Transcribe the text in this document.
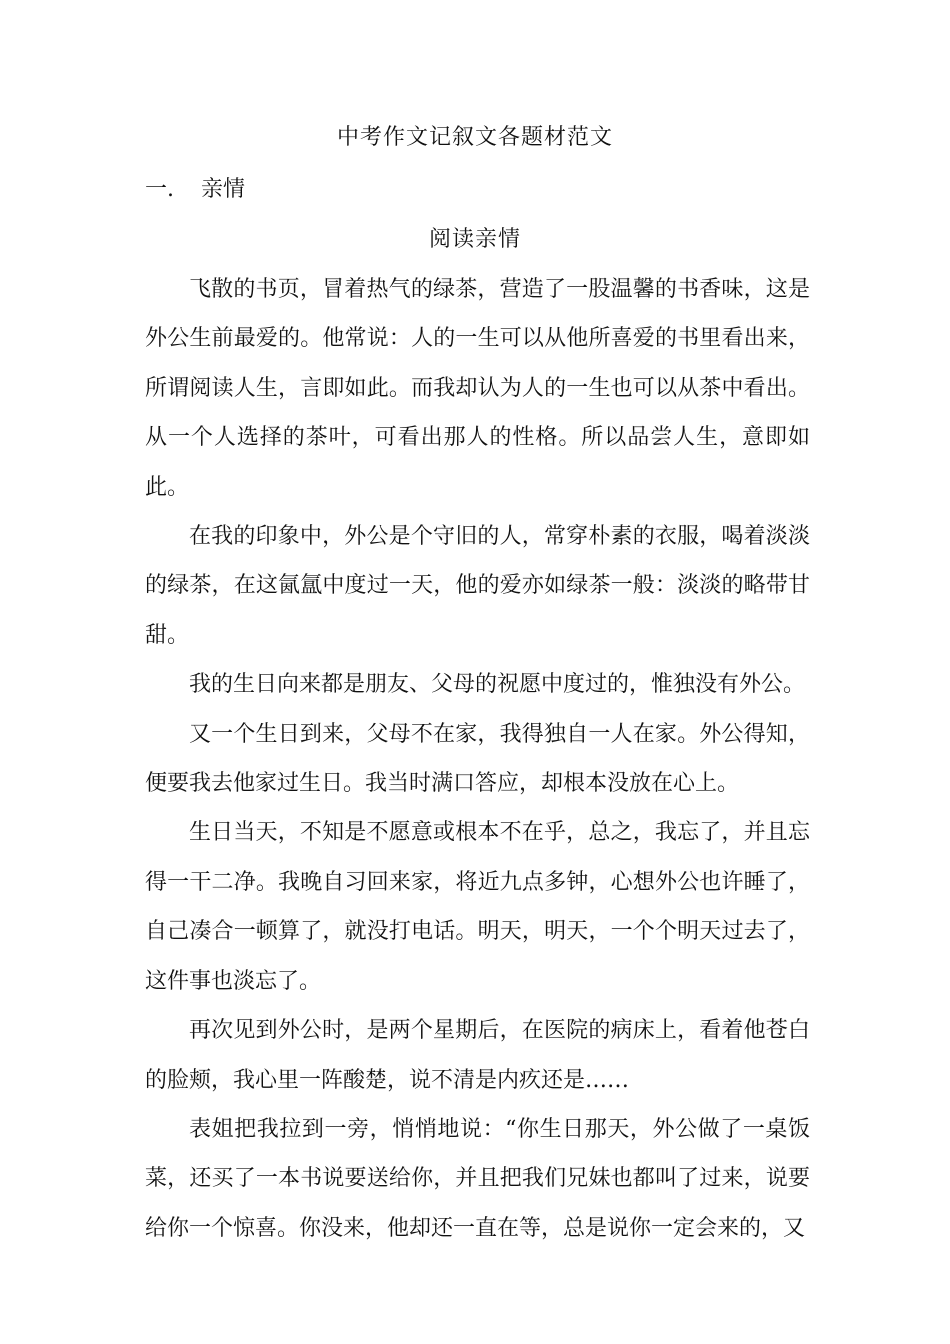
中考作文记叙文各题材范文
一. 亲情
阅读亲情

飞散的书页，冒着热气的绿茶，营造了一股温馨的书香味，这是外公生前最爱的。他常说：人的一生可以从他所喜爱的书里看出来，所谓阅读人生，言即如此。而我却认为人的一生也可以从茶中看出。从一个人选择的茶叶，可看出那人的性格。所以品尝人生，意即如此。

在我的印象中，外公是个守旧的人，常穿朴素的衣服，喝着淡淡的绿茶，在这氤氲中度过一天，他的爱亦如绿茶一般：淡淡的略带甘甜。

我的生日向来都是朋友、父母的祝愿中度过的，惟独没有外公。

又一个生日到来，父母不在家，我得独自一人在家。外公得知，便要我去他家过生日。我当时满口答应，却根本没放在心上。

生日当天，不知是不愿意或根本不在乎，总之，我忘了，并且忘得一干二净。我晚自习回来家，将近九点多钟，心想外公也许睡了，自己凑合一顿算了，就没打电话。明天，明天，一个个明天过去了，这件事也淡忘了。

再次见到外公时，是两个星期后，在医院的病床上，看着他苍白的脸颊，我心里一阵酸楚，说不清是内疚还是……

表姐把我拉到一旁，悄悄地说：“你生日那天，外公做了一桌饭菜，还买了一本书说要送给你，并且把我们兄妹也都叫了过来，说要给你一个惊喜。你没来，他却还一直在等，总是说你一定会来的，又
